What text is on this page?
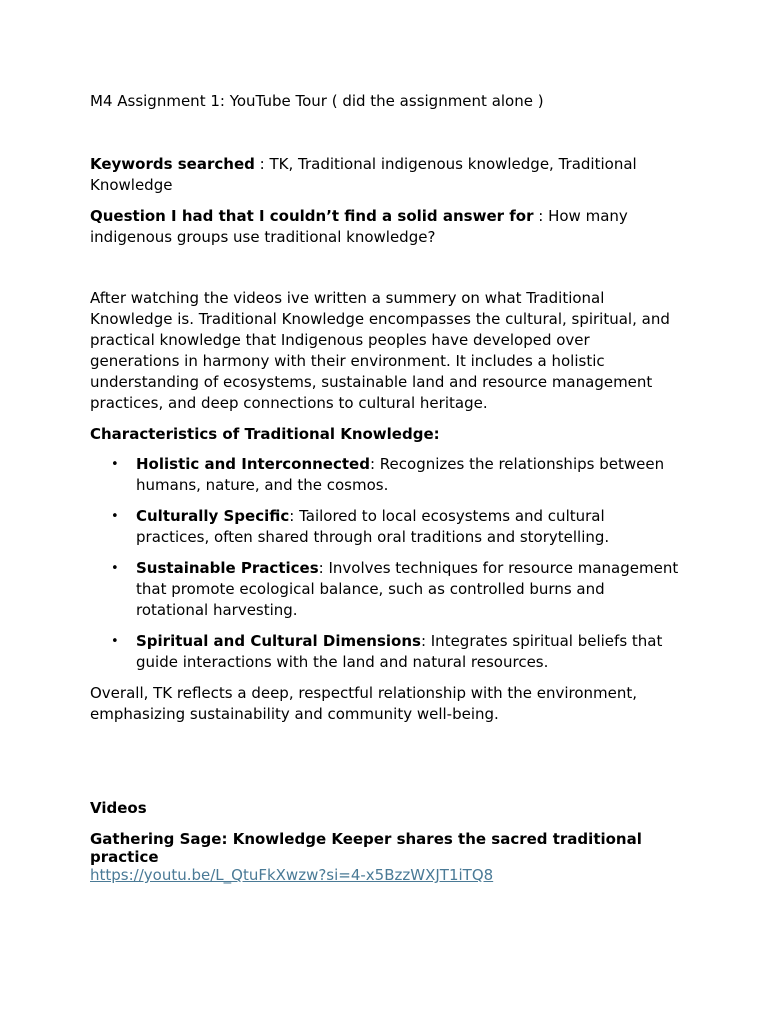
M4 Assignment 1: YouTube Tour ( did the assignment alone )
Keywords searched : TK, Traditional indigenous knowledge, Traditional Knowledge
Question I had that I couldn’t find a solid answer for : How many indigenous groups use traditional knowledge?
After watching the videos ive written a summery on what Traditional Knowledge is. Traditional Knowledge encompasses the cultural, spiritual, and practical knowledge that Indigenous peoples have developed over generations in harmony with their environment. It includes a holistic understanding of ecosystems, sustainable land and resource management practices, and deep connections to cultural heritage.
Characteristics of Traditional Knowledge:
• Holistic and Interconnected: Recognizes the relationships between humans, nature, and the cosmos.
• Culturally Specific: Tailored to local ecosystems and cultural practices, often shared through oral traditions and storytelling.
• Sustainable Practices: Involves techniques for resource management that promote ecological balance, such as controlled burns and rotational harvesting.
• Spiritual and Cultural Dimensions: Integrates spiritual beliefs that guide interactions with the land and natural resources.
Overall, TK reflects a deep, respectful relationship with the environment, emphasizing sustainability and community well-being.
Videos
Gathering Sage: Knowledge Keeper shares the sacred traditional practice
https://youtu.be/L_QtuFkXwzw?si=4-x5BzzWXJT1iTQ8
